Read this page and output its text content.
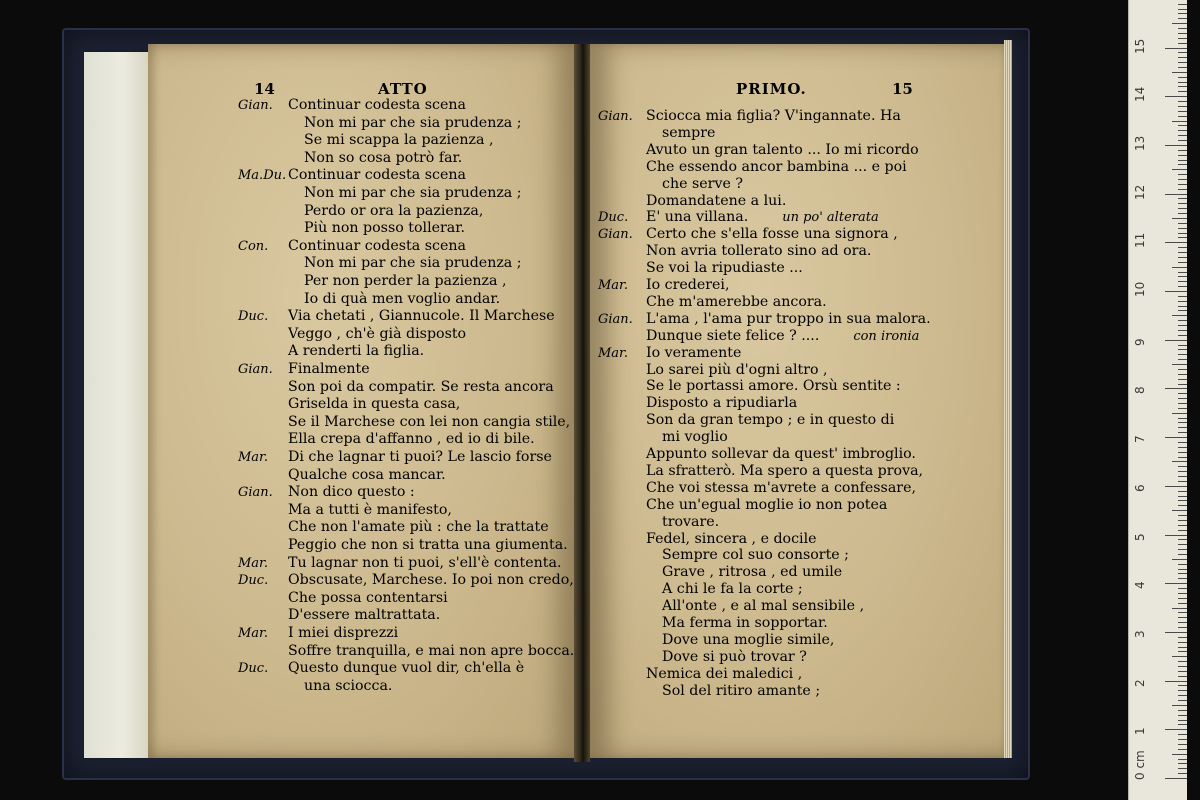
14	ATTO	PRIMO.	15
Gian. Continuar codesta scena
Non mi par che sia prudenza ;
Se mi scappa la pazienza ,
Non so cosa potrò far.
Ma.Du. Continuar codesta scena
Non mi par che sia prudenza ;
Perdo or ora la pazienza,
Più non posso tollerar.
Con. Continuar codesta scena
Non mi par che sia prudenza ;
Per non perder la pazienza ,
Io di quà men voglio andar.
Duc. Via chetati , Giannucole. Il Marchese
Veggo , ch'è già disposto
A renderti la figlia.
Gian. Finalmente
Son poi da compatir. Se resta ancora
Griselda in questa casa,
Se il Marchese con lei non cangia stile,
Ella crepa d'affanno , ed io di bile.
Mar. Di che lagnar ti puoi? Le lascio forse
Qualche cosa mancar.
Gian. Non dico questo :
Ma a tutti è manifesto,
Che non l'amate più : che la trattate
Peggio che non si tratta una giumenta.
Mar. Tu lagnar non ti puoi, s'ell'è contenta.
Duc. Obscusate, Marchese. Io poi non credo,
Che possa contentarsi
D'essere maltrattata.
Mar. I miei disprezzi
Soffre tranquilla, e mai non apre bocca.
Duc. Questo dunque vuol dir, ch'ella è
una sciocca.
Gian. Sciocca mia figlia? V'ingannate. Ha
sempre
Avuto un gran talento ... Io mi ricordo
Che essendo ancor bambina ... e poi
che serve ?
Domandatene a lui.
Duc. E' una villana.	un po' alterata
Gian. Certo che s'ella fosse una signora ,
Non avria tollerato sino ad ora.
Se voi la ripudiaste ...
Mar. Io crederei,
Che m'amerebbe ancora.
Gian. L'ama , l'ama pur troppo in sua malora.
Dunque siete felice ? ....	con ironia
Mar. Io veramente
Lo sarei più d'ogni altro ,
Se le portassi amore. Orsù sentite :
Disposto a ripudiarla
Son da gran tempo ; e in questo di
mi voglio
Appunto sollevar da quest' imbroglio.
La sfratterò. Ma spero a questa prova,
Che voi stessa m'avrete a confessare,
Che un'egual moglie io non potea
trovare.
Fedel, sincera , e docile
Sempre col suo consorte ;
Grave , ritrosa , ed umile
A chi le fa la corte ;
All'onte , e al mal sensibile ,
Ma ferma in sopportar.
Dove una moglie simile,
Dove si può trovar ?
Nemica dei maledici ,
Sol del ritiro amante ;
0 cm
1
2
3
4
5
6
7
8
9
10
11
12
13
14
15
